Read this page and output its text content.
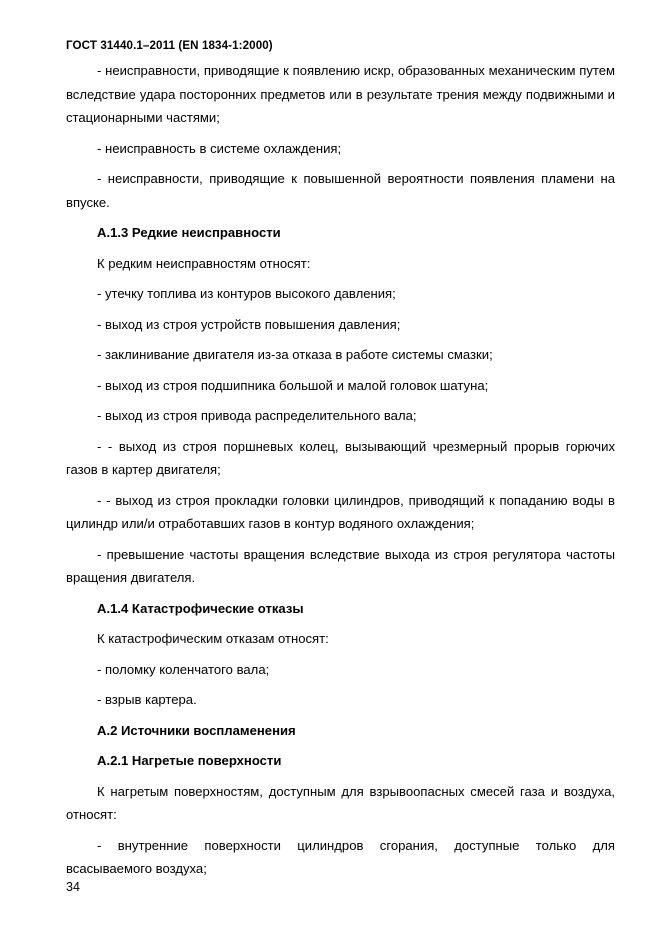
ГОСТ 31440.1–2011 (EN 1834-1:2000)

- неисправности, приводящие к появлению искр, образованных механическим путем вследствие удара посторонних предметов или в результате трения между подвижными и стационарными частями;

- неисправность в системе охлаждения;

- неисправности, приводящие к повышенной вероятности появления пламени на впуске.

А.1.3 Редкие неисправности

К редким неисправностям относят:

- утечку топлива из контуров высокого давления;

- выход из строя устройств повышения давления;

- заклинивание двигателя из-за отказа в работе системы смазки;

- выход из строя подшипника большой и малой головок шатуна;

- выход из строя привода распределительного вала;

- - выход из строя поршневых колец, вызывающий чрезмерный прорыв горючих газов в картер двигателя;

- - выход из строя прокладки головки цилиндров, приводящий к попаданию воды в цилиндр или/и отработавших газов в контур водяного охлаждения;

- превышение частоты вращения вследствие выхода из строя регулятора частоты вращения двигателя.

А.1.4 Катастрофические отказы

К катастрофическим отказам относят:

- поломку коленчатого вала;

- взрыв картера.

А.2 Источники воспламенения

А.2.1 Нагретые поверхности

К нагретым поверхностям, доступным для взрывоопасных смесей газа и воздуха, относят:

- внутренние поверхности цилиндров сгорания, доступные только для всасываемого воздуха;

34
